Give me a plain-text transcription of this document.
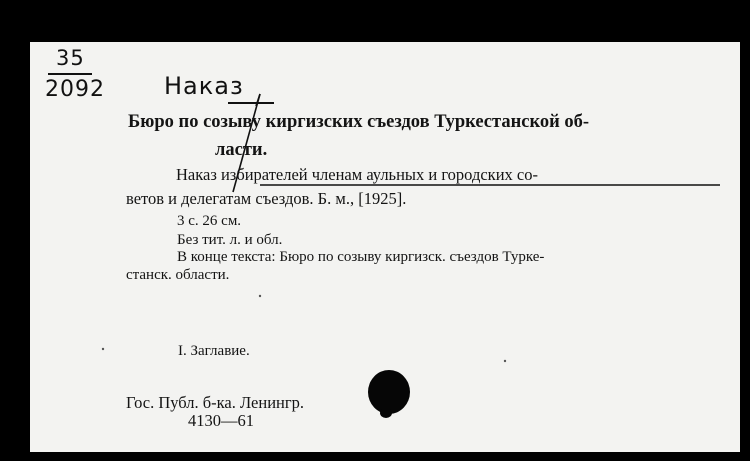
35
2092 Наказ
Бюро по созыву киргизских съездов Туркестанской об-
ласти.
Наказ избирателей членам аульных и городских со-
ветов и делегатам съездов. Б. м., [1925].
3 с. 26 см.
Без тит. л. и обл.
В конце текста: Бюро по созыву киргизск. съездов Турке-
станск. области.
I. Заглавие.
Гос. Публ. б-ка. Ленингр.
4130—61
